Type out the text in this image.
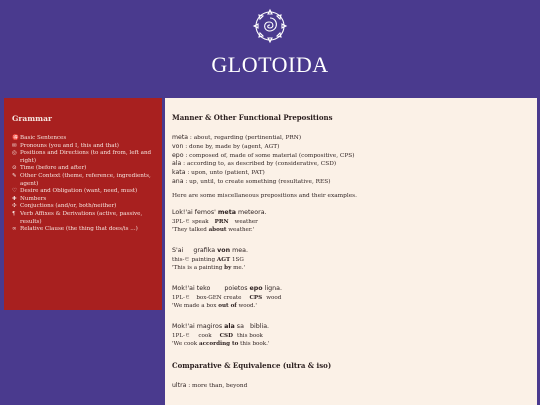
GLOTOIDA
Grammar
🉐 Basic Sentences
✉ Pronouns (you and I, this and that)
◎ Positions and Directions (to and from, left and right)
⊙ Time (before and after)
✎ Other Context (theme, reference, ingredients, agent)
♡ Desire and Obligation (want, need, must)
✚ Numbers
✣ Conjuctions (and/or, both/neither)
¶ Verb Affixes & Derivations (active, passive, results)
∞ Relative Clause (the thing that does/is ...)
Manner & Other Functional Prepositions
meta : about, regarding (pertinential, PRN)
von : done by, made by (agent, AGT)
epo : composed of, made of some material (compositive, CPS)
ala : according to, as described by (considerative, CSD)
kata : upon, unto (patient, PAT)
ana : up, until, to create something (resultative, RES)
Here are some miscellaneous prepositions and their examples.
Lok!'ai femos' meta meteora.
3PL-ㅌ speak PRN weather
'They talked about weather.'
S'ai grafika von mea.
this-ㅌ painting AGT 1SG
'This is a painting by me.'
Mok!'ai teko poietos epo ligna.
1PL-ㅌ box-GEN create CPS wood
'We made a box out of wood.'
Mok!'ai magiros ala sa biblia.
1PL-ㅌ cook CSD this book
'We cook according to this book.'
Comparative & Equivalence (ultra & iso)
ultra : more than, beyond
